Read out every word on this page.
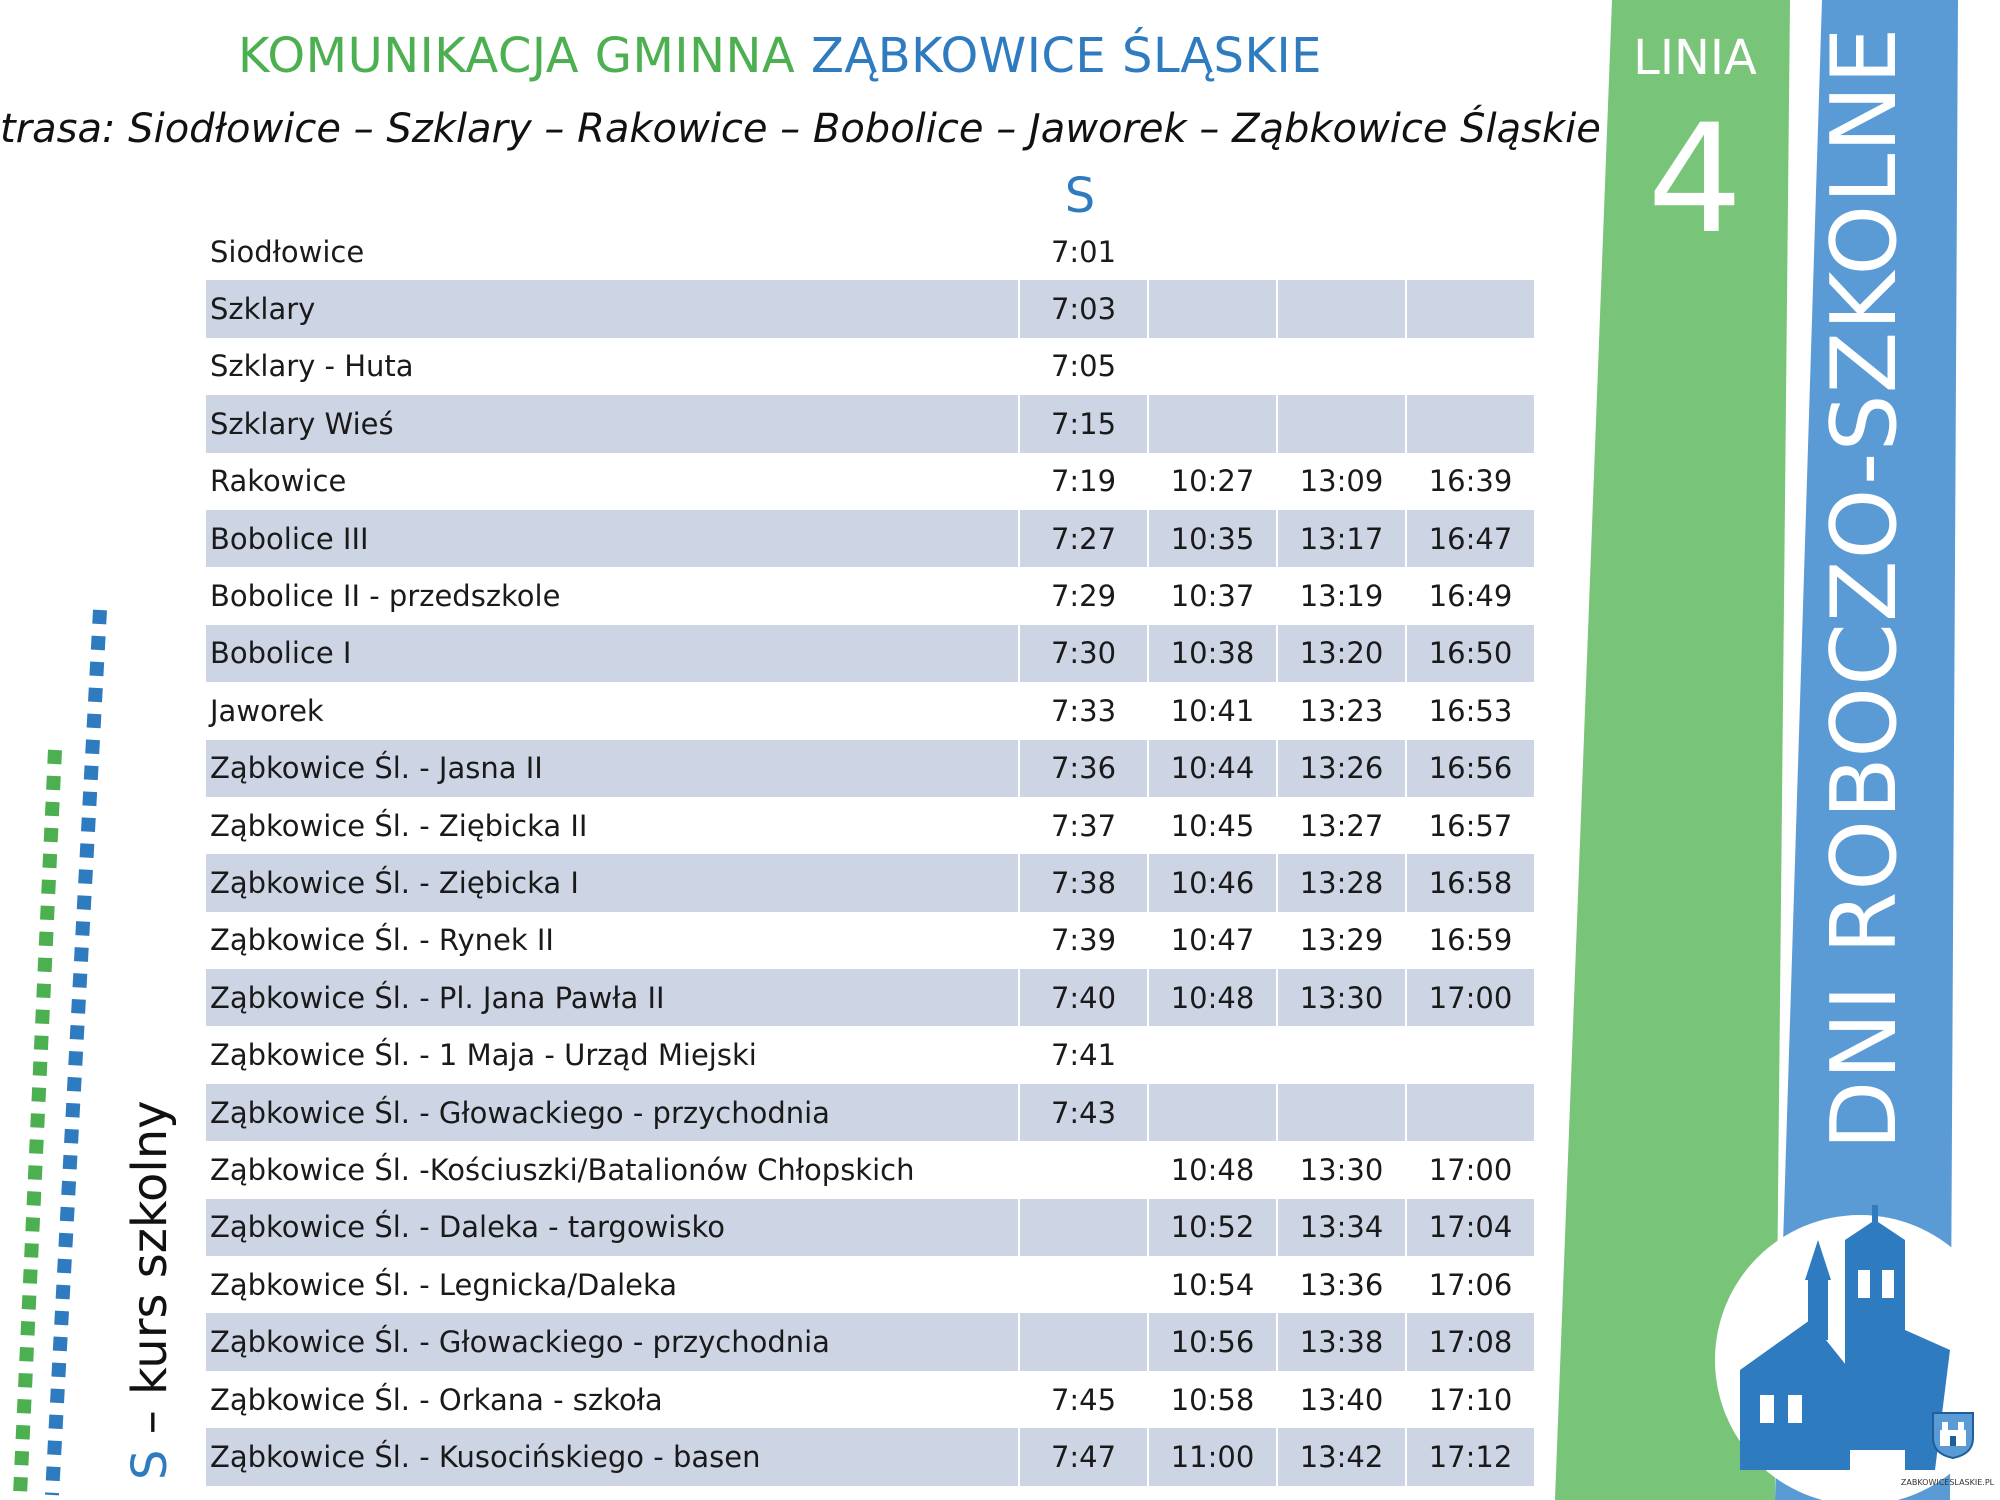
KOMUNIKACJA GMINNA ZĄBKOWICE ŚLĄSKIE
trasa: Siodłowice – Szklary – Rakowice – Bobolice – Jaworek – Ząbkowice Śląskie
S
Siodłowice	7:01			
Szklary	7:03			
Szklary - Huta	7:05			
Szklary Wieś	7:15			
Rakowice	7:19	10:27	13:09	16:39
Bobolice III	7:27	10:35	13:17	16:47
Bobolice II - przedszkole	7:29	10:37	13:19	16:49
Bobolice I	7:30	10:38	13:20	16:50
Jaworek	7:33	10:41	13:23	16:53
Ząbkowice Śl. - Jasna II	7:36	10:44	13:26	16:56
Ząbkowice Śl. - Ziębicka II	7:37	10:45	13:27	16:57
Ząbkowice Śl. - Ziębicka I	7:38	10:46	13:28	16:58
Ząbkowice Śl. - Rynek II	7:39	10:47	13:29	16:59
Ząbkowice Śl. - Pl. Jana Pawła II	7:40	10:48	13:30	17:00
Ząbkowice Śl. - 1 Maja - Urząd Miejski	7:41			
Ząbkowice Śl. - Głowackiego - przychodnia	7:43			
Ząbkowice Śl. -Kościuszki/Batalionów Chłopskich		10:48	13:30	17:00
Ząbkowice Śl. - Daleka - targowisko		10:52	13:34	17:04
Ząbkowice Śl. - Legnicka/Daleka		10:54	13:36	17:06
Ząbkowice Śl. - Głowackiego - przychodnia		10:56	13:38	17:08
Ząbkowice Śl. - Orkana - szkoła	7:45	10:58	13:40	17:10
Ząbkowice Śl. - Kusocińskiego - basen	7:47	11:00	13:42	17:12
LINIA
4 DNI ROBOCZO-SZKOLNE
S – kurs szkolny
ZABKOWICESLASKIE.PL
